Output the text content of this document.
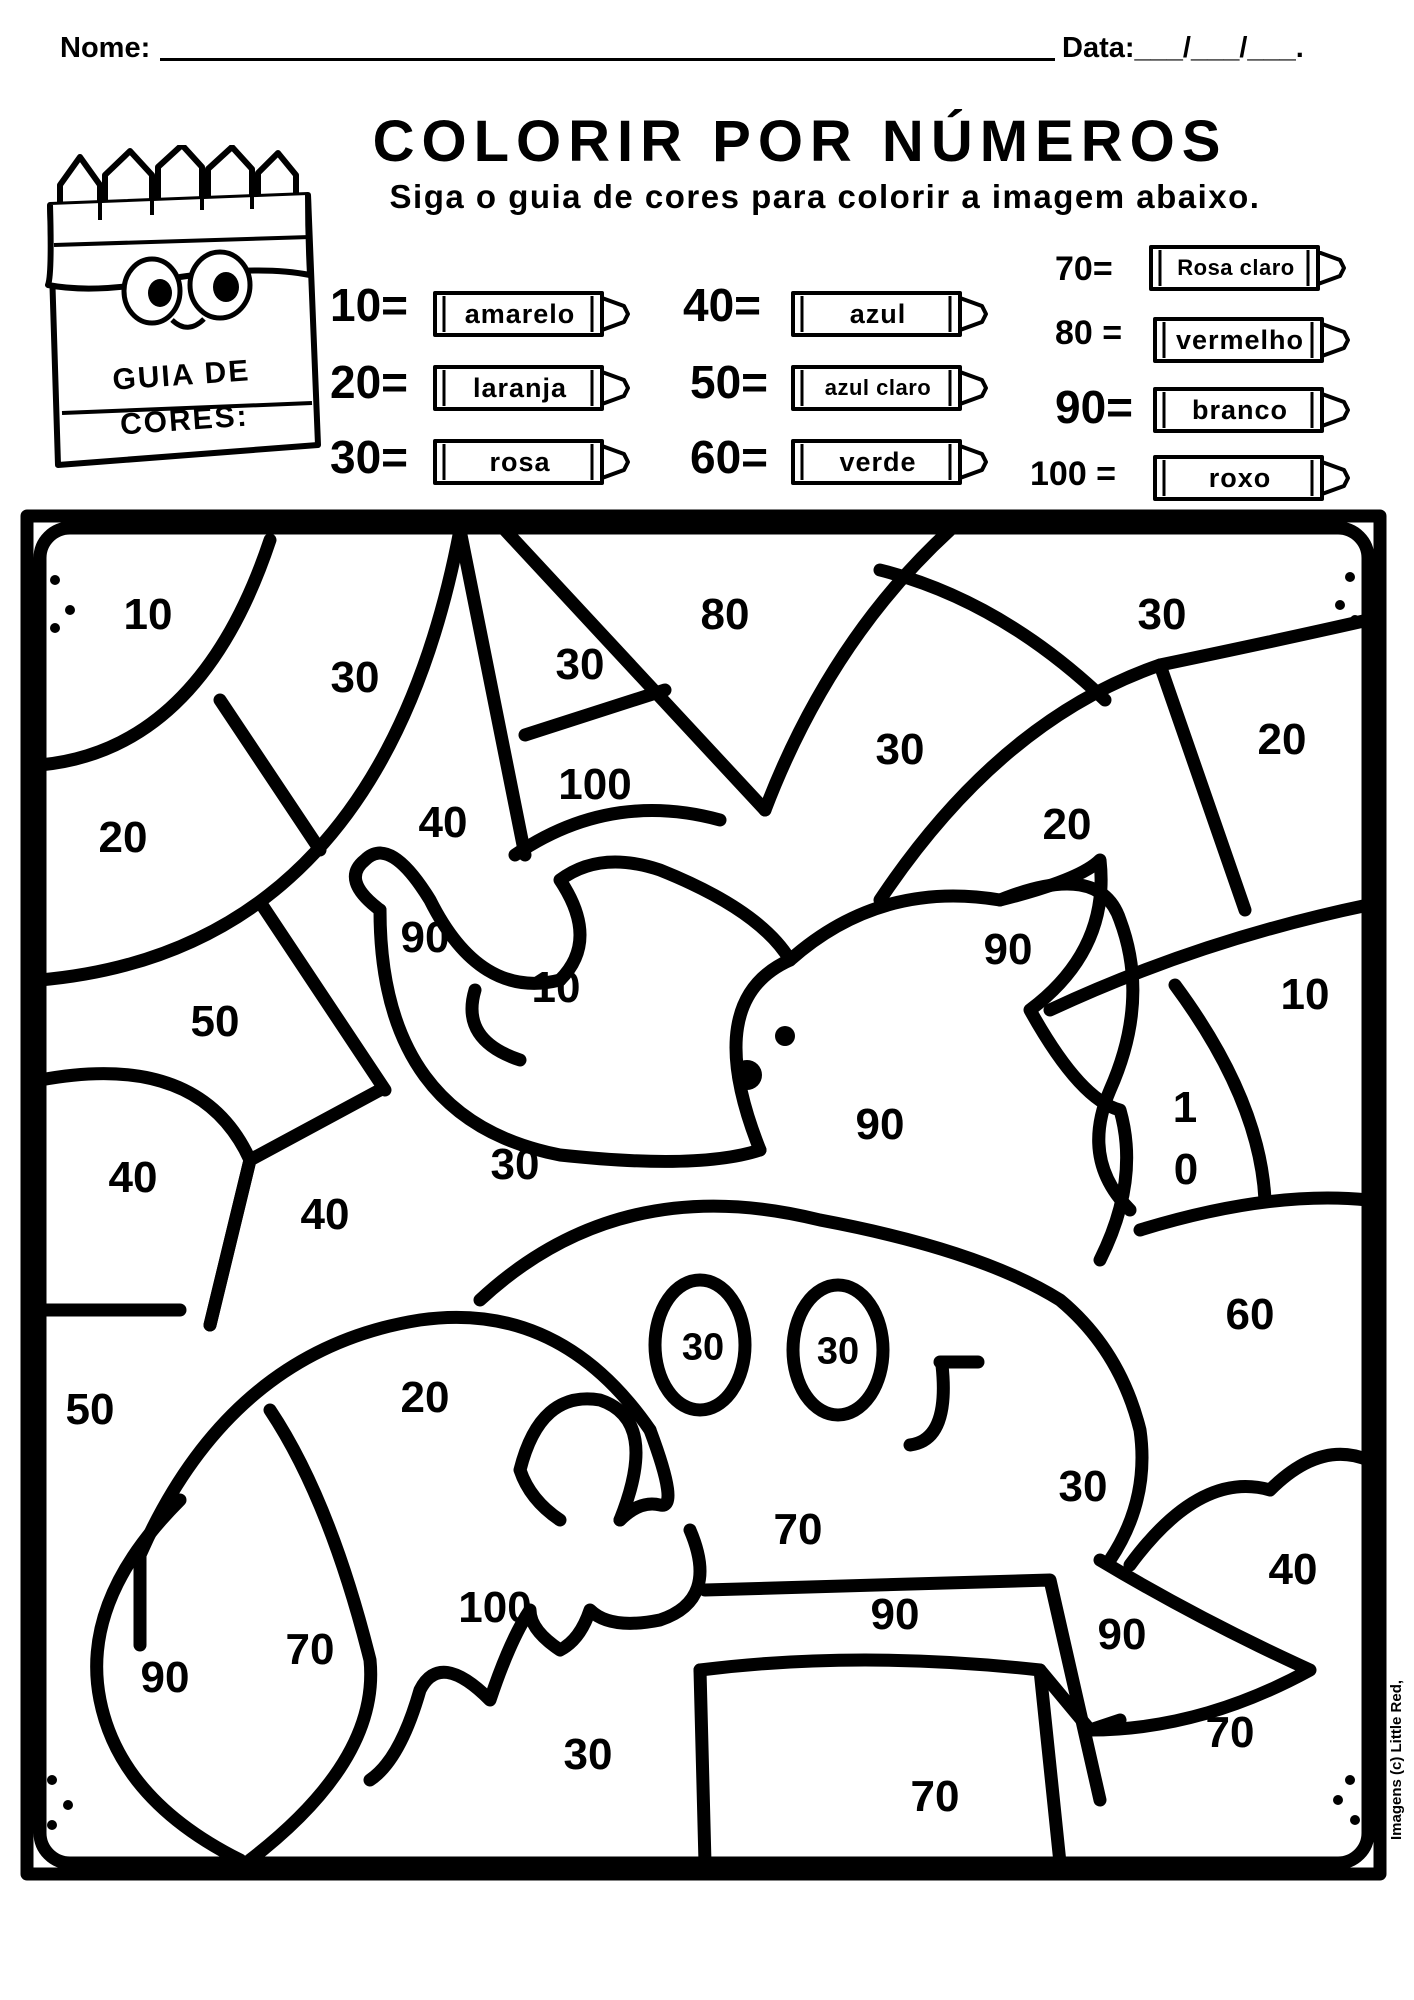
Nome:	Data:___/___/___.
COLORIR POR NÚMEROS
Siga o guia de cores para colorir a imagem abaixo.
GUIA DE
CORES:
10=	amarelo
20=	laranja
30=	rosa
40=	azul
50=	azul claro
60=	verde
70=	Rosa claro
80 =	vermelho
90=	branco
100 =	roxo
FOLHAS DE ATIVIDADES SUPERSTAR
10
30	30
80	30
20
30
100
20
20	40
90	90
10	10
50
90	1
0
40	30
40
60
30 30
50	20
30
70
40
100	90	90
70
70
90
30
70	Imagens (c) Little Red,
